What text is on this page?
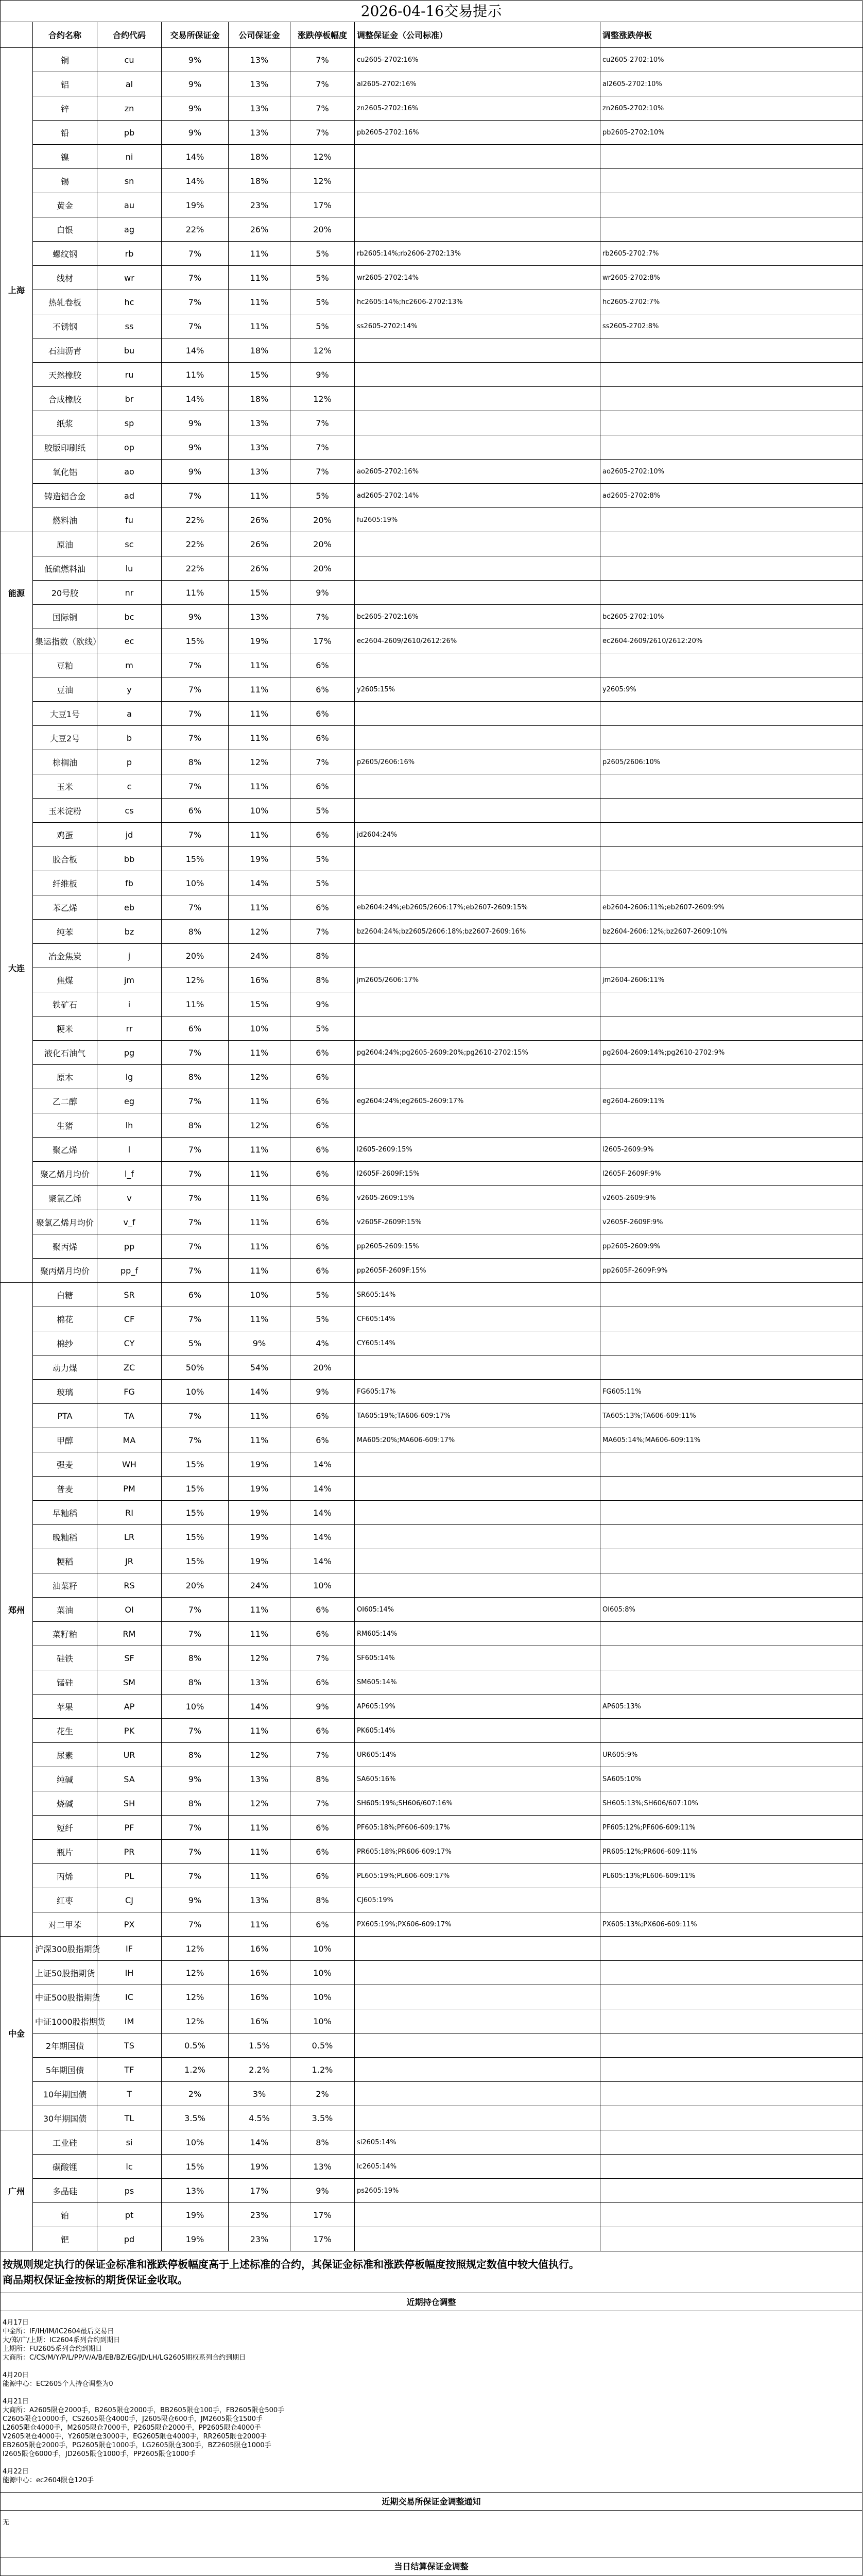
2026-04-16交易提示
	合约名称	合约代码	交易所保证金	公司保证金	涨跌停板幅度	调整保证金（公司标准）	调整涨跌停板
上海	铜	cu	9%	13%	7%	cu2605-2702:16%	cu2605-2702:10%
	铝	al	9%	13%	7%	al2605-2702:16%	al2605-2702:10%
	锌	zn	9%	13%	7%	zn2605-2702:16%	zn2605-2702:10%
	铅	pb	9%	13%	7%	pb2605-2702:16%	pb2605-2702:10%
	镍	ni	14%	18%	12%		
	锡	sn	14%	18%	12%		
	黄金	au	19%	23%	17%		
	白银	ag	22%	26%	20%		
	螺纹钢	rb	7%	11%	5%	rb2605:14%;rb2606-2702:13%	rb2605-2702:7%
	线材	wr	7%	11%	5%	wr2605-2702:14%	wr2605-2702:8%
	热轧卷板	hc	7%	11%	5%	hc2605:14%;hc2606-2702:13%	hc2605-2702:7%
	不锈钢	ss	7%	11%	5%	ss2605-2702:14%	ss2605-2702:8%
	石油沥青	bu	14%	18%	12%		
	天然橡胶	ru	11%	15%	9%		
	合成橡胶	br	14%	18%	12%		
	纸浆	sp	9%	13%	7%		
	胶版印刷纸	op	9%	13%	7%		
	氧化铝	ao	9%	13%	7%	ao2605-2702:16%	ao2605-2702:10%
	铸造铝合金	ad	7%	11%	5%	ad2605-2702:14%	ad2605-2702:8%
	燃料油	fu	22%	26%	20%	fu2605:19%	
能源	原油	sc	22%	26%	20%		
	低硫燃料油	lu	22%	26%	20%		
	20号胶	nr	11%	15%	9%		
	国际铜	bc	9%	13%	7%	bc2605-2702:16%	bc2605-2702:10%
	集运指数（欧线）	ec	15%	19%	17%	ec2604-2609/2610/2612:26%	ec2604-2609/2610/2612:20%
大连	豆粕	m	7%	11%	6%		
	豆油	y	7%	11%	6%	y2605:15%	y2605:9%
	大豆1号	a	7%	11%	6%		
	大豆2号	b	7%	11%	6%		
	棕榈油	p	8%	12%	7%	p2605/2606:16%	p2605/2606:10%
	玉米	c	7%	11%	6%		
	玉米淀粉	cs	6%	10%	5%		
	鸡蛋	jd	7%	11%	6%	jd2604:24%	
	胶合板	bb	15%	19%	5%		
	纤维板	fb	10%	14%	5%		
	苯乙烯	eb	7%	11%	6%	eb2604:24%;eb2605/2606:17%;eb2607-2609:15%	eb2604-2606:11%;eb2607-2609:9%
	纯苯	bz	8%	12%	7%	bz2604:24%;bz2605/2606:18%;bz2607-2609:16%	bz2604-2606:12%;bz2607-2609:10%
	冶金焦炭	j	20%	24%	8%		
	焦煤	jm	12%	16%	8%	jm2605/2606:17%	jm2604-2606:11%
	铁矿石	i	11%	15%	9%		
	粳米	rr	6%	10%	5%		
	液化石油气	pg	7%	11%	6%	pg2604:24%;pg2605-2609:20%;pg2610-2702:15%	pg2604-2609:14%;pg2610-2702:9%
	原木	lg	8%	12%	6%		
	乙二醇	eg	7%	11%	6%	eg2604:24%;eg2605-2609:17%	eg2604-2609:11%
	生猪	lh	8%	12%	6%		
	聚乙烯	l	7%	11%	6%	l2605-2609:15%	l2605-2609:9%
	聚乙烯月均价	l_f	7%	11%	6%	l2605F-2609F:15%	l2605F-2609F:9%
	聚氯乙烯	v	7%	11%	6%	v2605-2609:15%	v2605-2609:9%
	聚氯乙烯月均价	v_f	7%	11%	6%	v2605F-2609F:15%	v2605F-2609F:9%
	聚丙烯	pp	7%	11%	6%	pp2605-2609:15%	pp2605-2609:9%
	聚丙烯月均价	pp_f	7%	11%	6%	pp2605F-2609F:15%	pp2605F-2609F:9%
郑州	白糖	SR	6%	10%	5%	SR605:14%	
	棉花	CF	7%	11%	5%	CF605:14%	
	棉纱	CY	5%	9%	4%	CY605:14%	
	动力煤	ZC	50%	54%	20%		
	玻璃	FG	10%	14%	9%	FG605:17%	FG605:11%
	PTA	TA	7%	11%	6%	TA605:19%;TA606-609:17%	TA605:13%;TA606-609:11%
	甲醇	MA	7%	11%	6%	MA605:20%;MA606-609:17%	MA605:14%;MA606-609:11%
	强麦	WH	15%	19%	14%		
	普麦	PM	15%	19%	14%		
	早籼稻	RI	15%	19%	14%		
	晚籼稻	LR	15%	19%	14%		
	粳稻	JR	15%	19%	14%		
	油菜籽	RS	20%	24%	10%		
	菜油	OI	7%	11%	6%	OI605:14%	OI605:8%
	菜籽粕	RM	7%	11%	6%	RM605:14%	
	硅铁	SF	8%	12%	7%	SF605:14%	
	锰硅	SM	8%	13%	6%	SM605:14%	
	苹果	AP	10%	14%	9%	AP605:19%	AP605:13%
	花生	PK	7%	11%	6%	PK605:14%	
	尿素	UR	8%	12%	7%	UR605:14%	UR605:9%
	纯碱	SA	9%	13%	8%	SA605:16%	SA605:10%
	烧碱	SH	8%	12%	7%	SH605:19%;SH606/607:16%	SH605:13%;SH606/607:10%
	短纤	PF	7%	11%	6%	PF605:18%;PF606-609:17%	PF605:12%;PF606-609:11%
	瓶片	PR	7%	11%	6%	PR605:18%;PR606-609:17%	PR605:12%;PR606-609:11%
	丙烯	PL	7%	11%	6%	PL605:19%;PL606-609:17%	PL605:13%;PL606-609:11%
	红枣	CJ	9%	13%	8%	CJ605:19%	
	对二甲苯	PX	7%	11%	6%	PX605:19%;PX606-609:17%	PX605:13%;PX606-609:11%
中金	沪深300股指期货	IF	12%	16%	10%		
	上证50股指期货	IH	12%	16%	10%		
	中证500股指期货	IC	12%	16%	10%		
	中证1000股指期货	IM	12%	16%	10%		
	2年期国债	TS	0.5%	1.5%	0.5%		
	5年期国债	TF	1.2%	2.2%	1.2%		
	10年期国债	T	2%	3%	2%		
	30年期国债	TL	3.5%	4.5%	3.5%		
广州	工业硅	si	10%	14%	8%	si2605:14%	
	碳酸锂	lc	15%	19%	13%	lc2605:14%	
	多晶硅	ps	13%	17%	9%	ps2605:19%	
	铂	pt	19%	23%	17%		
	钯	pd	19%	23%	17%		
按规则规定执行的保证金标准和涨跌停板幅度高于上述标准的合约，其保证金标准和涨跌停板幅度按照规定数值中较大值执行。
商品期权保证金按标的期货保证金收取。
近期持仓调整
4月17日
中金所：IF/IH/IM/IC2604最后交易日
大/郑/广/上期：IC2604系列合约到期日
上期所：FU2605系列合约到期日
大商所：C/CS/M/Y/P/L/PP/V/A/B/EB/BZ/EG/JD/LH/LG2605期权系列合约到期日

4月20日
能源中心：EC2605个人持仓调整为0

4月21日
大商所：A2605限仓2000手，B2605限仓2000手，BB2605限仓100手，FB2605限仓500手
C2605限仓10000手，CS2605限仓4000手，J2605限仓600手，JM2605限仓1500手
L2605限仓4000手，M2605限仓7000手，P2605限仓2000手，PP2605限仓4000手
V2605限仓4000手，Y2605限仓3000手，EG2605限仓4000手，RR2605限仓2000手
EB2605限仓2000手，PG2605限仓1000手，LG2605限仓300手，BZ2605限仓1000手
I2605限仓6000手，JD2605限仓1000手，PP2605限仓1000手

4月22日
能源中心：ec2604限仓120手
近期交易所保证金调整通知
无
当日结算保证金调整
